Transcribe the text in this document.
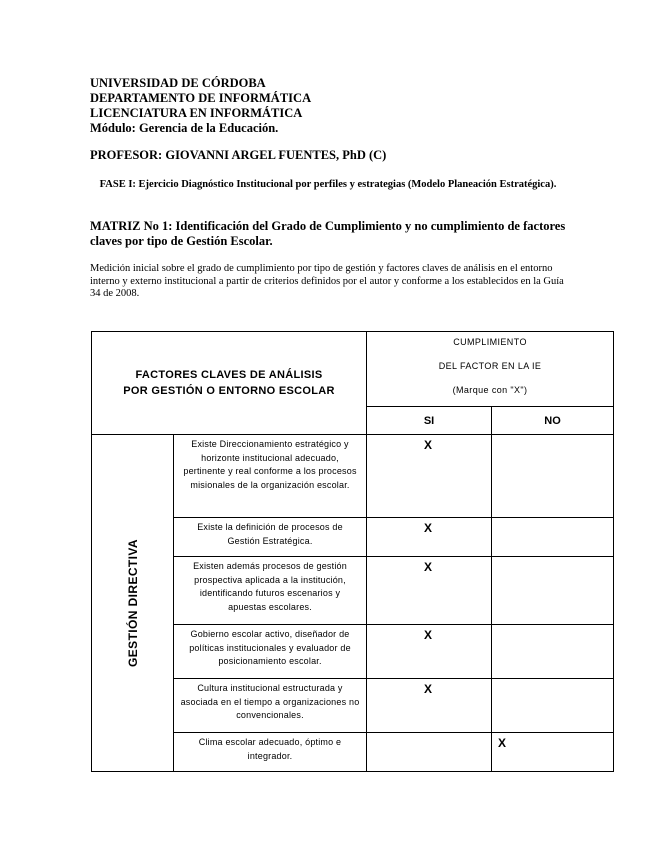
UNIVERSIDAD DE CÓRDOBA
DEPARTAMENTO DE INFORMÁTICA
LICENCIATURA EN INFORMÁTICA
Módulo: Gerencia de la Educación.
PROFESOR: GIOVANNI ARGEL FUENTES, PhD (C)
FASE I: Ejercicio Diagnóstico Institucional por perfiles y estrategias (Modelo Planeación Estratégica).
MATRIZ No 1: Identificación del Grado de Cumplimiento y no cumplimiento de factores claves por tipo de Gestión Escolar.
Medición inicial sobre el grado de cumplimiento por tipo de gestión y factores claves de análisis en el entorno interno y externo institucional a partir de criterios definidos por el autor y conforme a los establecidos en la Guía 34 de 2008.
FACTORES CLAVES DE ANÁLISIS POR GESTIÓN O ENTORNO ESCOLAR		CUMPLIMIENTO
DEL FACTOR EN LA IE
(Marque con "X")	

		SI	NO

GESTIÓN DIRECTIVA	Existe Direccionamiento estratégico y horizonte institucional adecuado, pertinente y real conforme a los procesos misionales de la organización escolar.	X	

	Existe la definición de procesos de Gestión Estratégica.	X	

	Existen además procesos de gestión prospectiva aplicada a la institución, identificando futuros escenarios y apuestas escolares.	X	

	Gobierno escolar activo, diseñador de políticas institucionales y evaluador de posicionamiento escolar.	X	

	Cultura institucional estructurada y asociada en el tiempo a organizaciones no convencionales.	X	

	Clima escolar adecuado, óptimo e integrador.		X
